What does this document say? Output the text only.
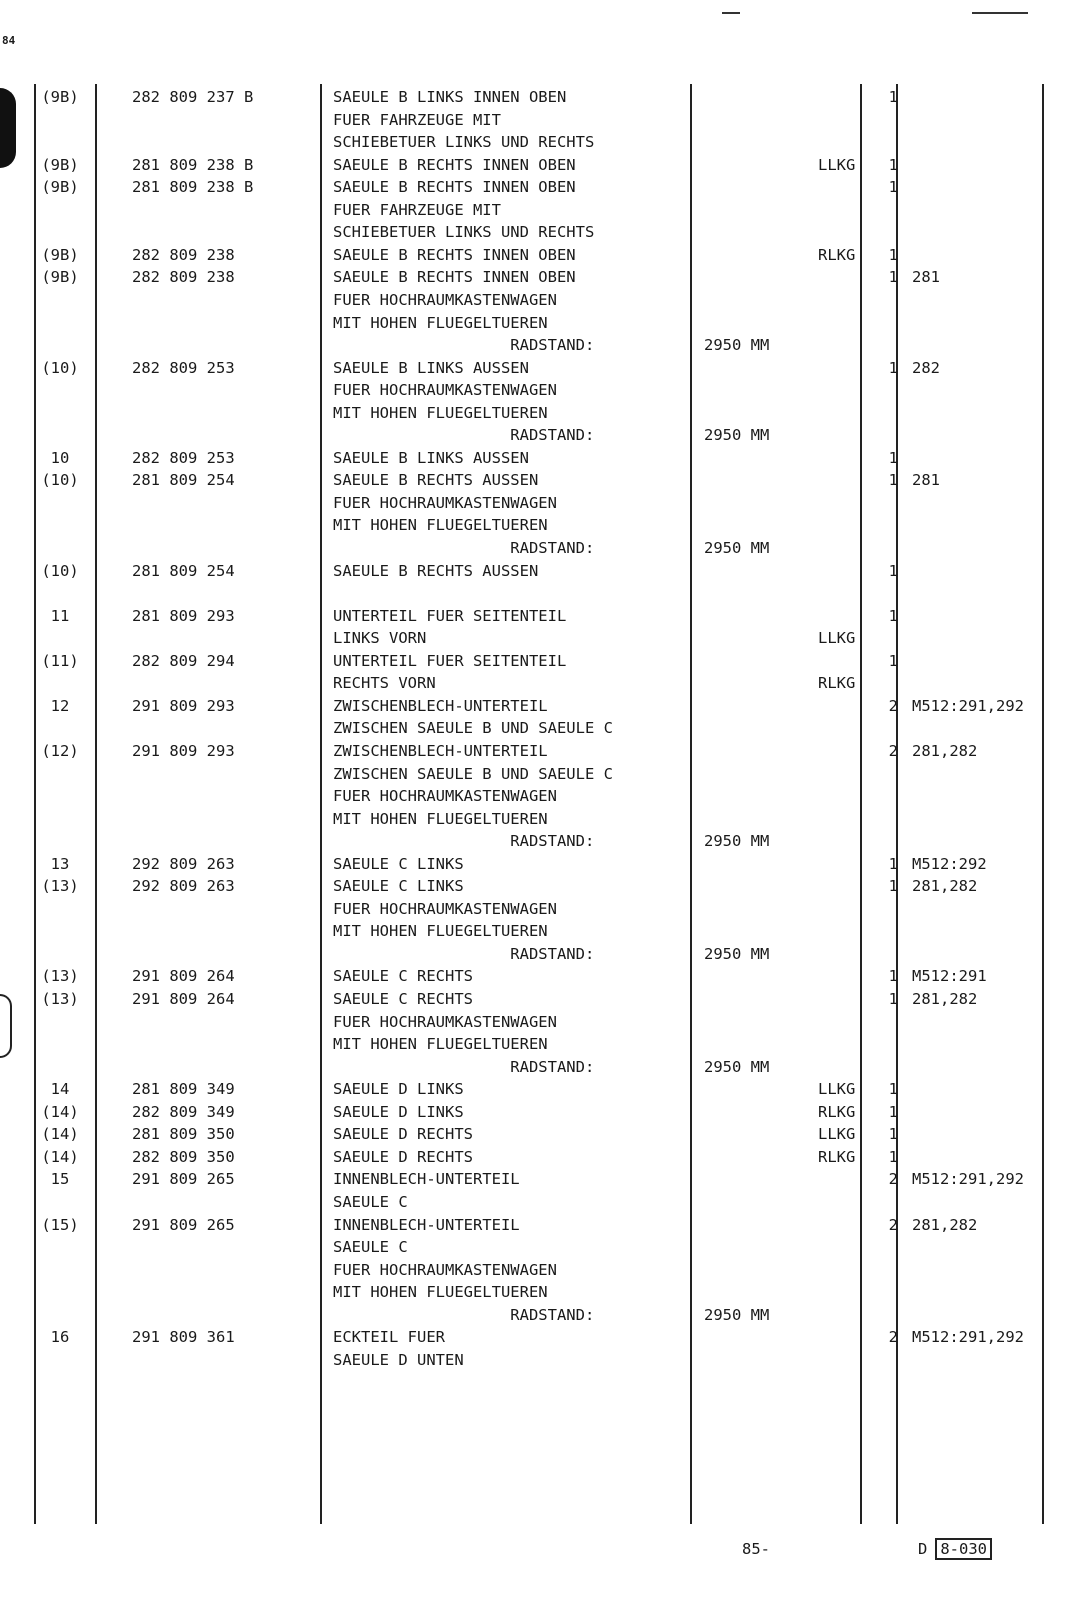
84
(9B)	282 809 237 B	SAEULE B LINKS INNEN OBEN	1
FUER FAHRZEUGE MIT
SCHIEBETUER LINKS UND RECHTS
(9B)	281 809 238 B	SAEULE B RECHTS INNEN OBEN	LLKG	1
(9B)	281 809 238 B	SAEULE B RECHTS INNEN OBEN	1
FUER FAHRZEUGE MIT
SCHIEBETUER LINKS UND RECHTS
(9B)	282 809 238	SAEULE B RECHTS INNEN OBEN	RLKG	1
(9B)	282 809 238	SAEULE B RECHTS INNEN OBEN	1 281
FUER HOCHRAUMKASTENWAGEN
MIT HOHEN FLUEGELTUEREN
RADSTAND:	2950 MM
(10)	282 809 253	SAEULE B LINKS AUSSEN	1 282
FUER HOCHRAUMKASTENWAGEN
MIT HOHEN FLUEGELTUEREN
RADSTAND:	2950 MM
10	282 809 253	SAEULE B LINKS AUSSEN	1
(10)	281 809 254	SAEULE B RECHTS AUSSEN	1 281
FUER HOCHRAUMKASTENWAGEN
MIT HOHEN FLUEGELTUEREN
RADSTAND:	2950 MM
(10)	281 809 254	SAEULE B RECHTS AUSSEN	1
11	281 809 293	UNTERTEIL FUER SEITENTEIL	1
LINKS VORN	LLKG
(11)	282 809 294	UNTERTEIL FUER SEITENTEIL	1
RECHTS VORN	RLKG
12	291 809 293	ZWISCHENBLECH-UNTERTEIL	2 M512:291,292
ZWISCHEN SAEULE B UND SAEULE C
(12)	291 809 293	ZWISCHENBLECH-UNTERTEIL	2 281,282
ZWISCHEN SAEULE B UND SAEULE C
FUER HOCHRAUMKASTENWAGEN
MIT HOHEN FLUEGELTUEREN
RADSTAND:	2950 MM
13	292 809 263	SAEULE C LINKS	1 M512:292
(13)	292 809 263	SAEULE C LINKS	1 281,282
FUER HOCHRAUMKASTENWAGEN
MIT HOHEN FLUEGELTUEREN
RADSTAND:	2950 MM
(13)	291 809 264	SAEULE C RECHTS	1 M512:291
(13)	291 809 264	SAEULE C RECHTS	1 281,282
FUER HOCHRAUMKASTENWAGEN
MIT HOHEN FLUEGELTUEREN
RADSTAND:	2950 MM
14	281 809 349	SAEULE D LINKS	LLKG	1
(14)	282 809 349	SAEULE D LINKS	RLKG	1
(14)	281 809 350	SAEULE D RECHTS	LLKG	1
(14)	282 809 350	SAEULE D RECHTS	RLKG	1
15	291 809 265	INNENBLECH-UNTERTEIL	2 M512:291,292
SAEULE C
(15)	291 809 265	INNENBLECH-UNTERTEIL	2 281,282
SAEULE C
FUER HOCHRAUMKASTENWAGEN
MIT HOHEN FLUEGELTUEREN
RADSTAND:	2950 MM
16	291 809 361	ECKTEIL FUER	2 M512:291,292
SAEULE D UNTEN
85-	D 8-030
